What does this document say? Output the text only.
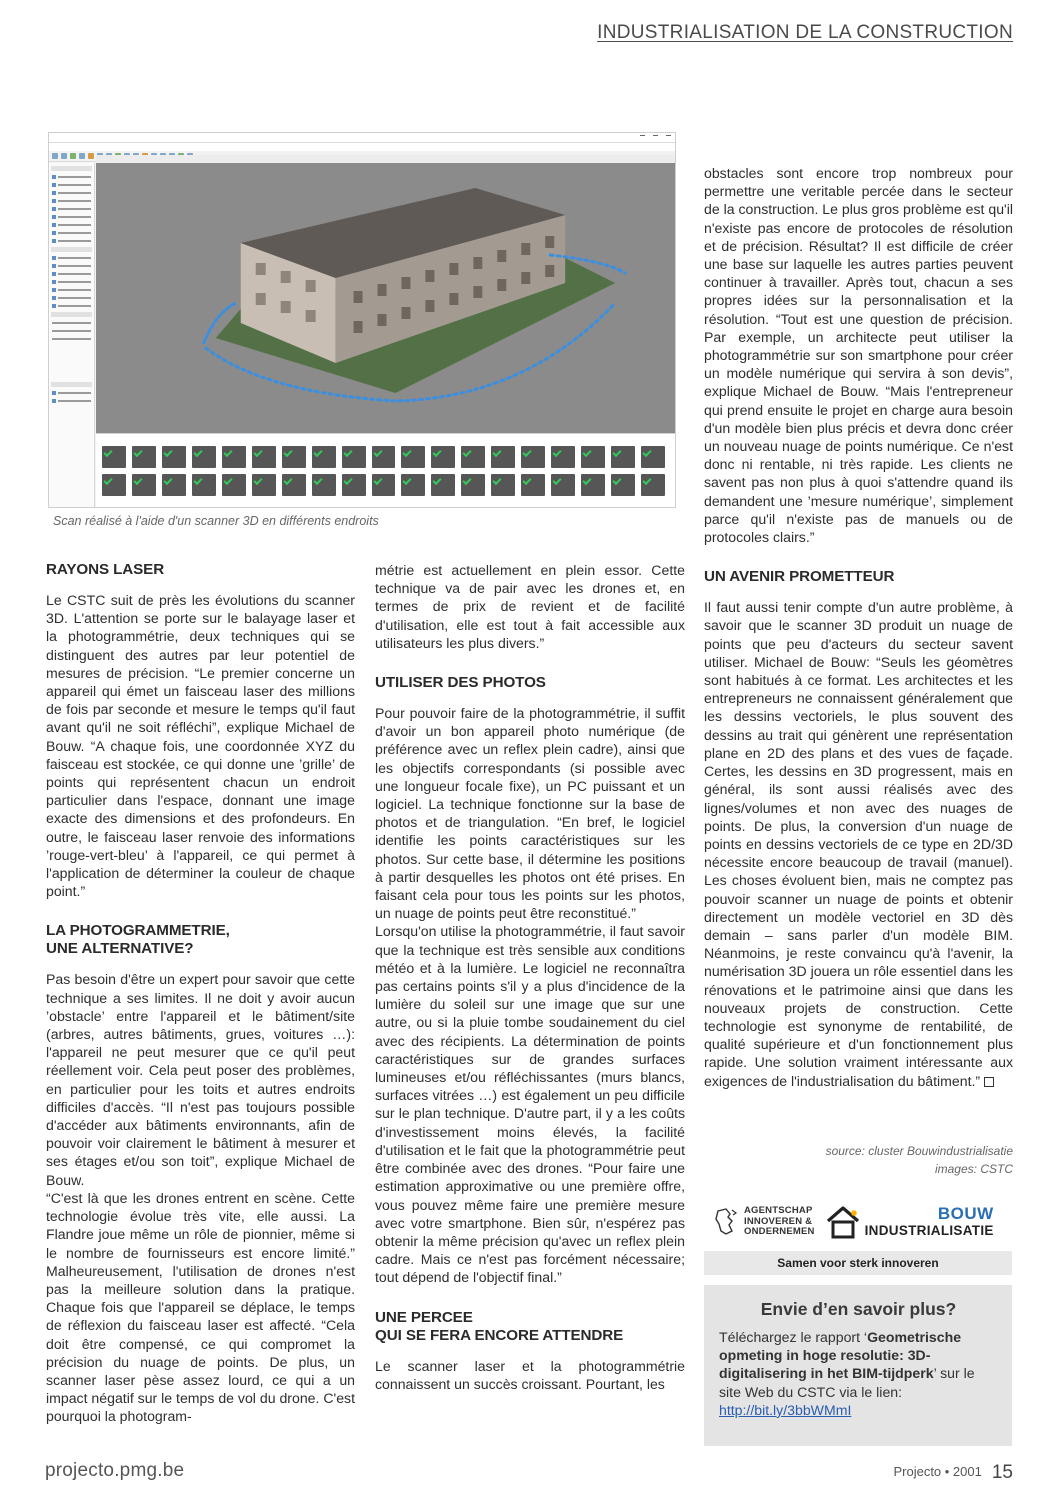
INDUSTRIALISATION DE LA CONSTRUCTION
Scan réalisé à l'aide d'un scanner 3D en différents endroits

RAYONS LASER

Le CSTC suit de près les évolutions du scanner 3D. L'attention se porte sur le balayage laser et la photogrammétrie, deux techniques qui se distinguent des autres par leur potentiel de mesures de précision. “Le premier concerne un appareil qui émet un faisceau laser des millions de fois par seconde et mesure le temps qu'il faut avant qu'il ne soit réfléchi”, explique Michael de Bouw. “A chaque fois, une coordonnée XYZ du faisceau est stockée, ce qui donne une ’grille’ de points qui représentent chacun un endroit particulier dans l'espace, donnant une image exacte des dimensions et des profondeurs. En outre, le faisceau laser renvoie des informations ’rouge-vert-bleu’ à l'appareil, ce qui permet à l'application de déterminer la couleur de chaque point.”

LA PHOTOGRAMMETRIE,

UNE ALTERNATIVE?

Pas besoin d'être un expert pour savoir que cette technique a ses limites. Il ne doit y avoir aucun ’obstacle’ entre l'appareil et le bâtiment/site (arbres, autres bâtiments, grues, voitures …): l'appareil ne peut mesurer que ce qu'il peut réellement voir. Cela peut poser des problèmes, en particulier pour les toits et autres endroits difficiles d'accès. “Il n'est pas toujours possible d'accéder aux bâtiments environnants, afin de pouvoir voir clairement le bâtiment à mesurer et ses étages et/ou son toit”, explique Michael de Bouw.

“C'est là que les drones entrent en scène. Cette technologie évolue très vite, elle aussi. La Flandre joue même un rôle de pionnier, même si le nombre de fournisseurs est encore limité.” Malheureusement, l'utilisation de drones n'est pas la meilleure solution dans la pratique. Chaque fois que l'appareil se déplace, le temps de réflexion du faisceau laser est affecté. “Cela doit être compensé, ce qui compromet la précision du nuage de points. De plus, un scanner laser pèse assez lourd, ce qui a un impact négatif sur le temps de vol du drone. C'est pourquoi la photogram-

métrie est actuellement en plein essor. Cette technique va de pair avec les drones et, en termes de prix de revient et de facilité d'utilisation, elle est tout à fait accessible aux utilisateurs les plus divers.”

UTILISER DES PHOTOS

Pour pouvoir faire de la photogrammétrie, il suffit d'avoir un bon appareil photo numérique (de préférence avec un reflex plein cadre), ainsi que les objectifs correspondants (si possible avec une longueur focale fixe), un PC puissant et un logiciel. La technique fonctionne sur la base de photos et de triangulation. “En bref, le logiciel identifie les points caractéristiques sur les photos. Sur cette base, il détermine les positions à partir desquelles les photos ont été prises. En faisant cela pour tous les points sur les photos, un nuage de points peut être reconstitué.”

Lorsqu'on utilise la photogrammétrie, il faut savoir que la technique est très sensible aux conditions météo et à la lumière. Le logiciel ne reconnaîtra pas certains points s'il y a plus d'incidence de la lumière du soleil sur une image que sur une autre, ou si la pluie tombe soudainement du ciel avec des récipients. La détermination de points caractéristiques sur de grandes surfaces lumineuses et/ou réfléchissantes (murs blancs, surfaces vitrées …) est également un peu difficile sur le plan technique. D'autre part, il y a les coûts d'investissement moins élevés, la facilité d'utilisation et le fait que la photogrammétrie peut être combinée avec des drones. “Pour faire une estimation approximative ou une première offre, vous pouvez même faire une première mesure avec votre smartphone. Bien sûr, n'espérez pas obtenir la même précision qu'avec un reflex plein cadre. Mais ce n'est pas forcément nécessaire; tout dépend de l'objectif final.”

UNE PERCEE

QUI SE FERA ENCORE ATTENDRE

Le scanner laser et la photogrammétrie connaissent un succès croissant. Pourtant, les

obstacles sont encore trop nombreux pour permettre une veritable percée dans le secteur de la construction. Le plus gros problème est qu'il n'existe pas encore de protocoles de résolution et de précision. Résultat? Il est difficile de créer une base sur laquelle les autres parties peuvent continuer à travailler. Après tout, chacun a ses propres idées sur la personnalisation et la résolution. “Tout est une question de précision. Par exemple, un architecte peut utiliser la photogrammétrie sur son smartphone pour créer un modèle numérique qui servira à son devis”, explique Michael de Bouw. “Mais l'entrepreneur qui prend ensuite le projet en charge aura besoin d'un modèle bien plus précis et devra donc créer un nouveau nuage de points numérique. Ce n'est donc ni rentable, ni très rapide. Les clients ne savent pas non plus à quoi s'attendre quand ils demandent une ’mesure numérique’, simplement parce qu'il n'existe pas de manuels ou de protocoles clairs.”

UN AVENIR PROMETTEUR

Il faut aussi tenir compte d'un autre problème, à savoir que le scanner 3D produit un nuage de points que peu d'acteurs du secteur savent utiliser. Michael de Bouw: “Seuls les géomètres sont habitués à ce format. Les architectes et les entrepreneurs ne connaissent généralement que les dessins vectoriels, le plus souvent des dessins au trait qui génèrent une représentation plane en 2D des plans et des vues de façade. Certes, les dessins en 3D progressent, mais en général, ils sont aussi réalisés avec des lignes/volumes et non avec des nuages de points. De plus, la conversion d'un nuage de points en dessins vectoriels de ce type en 2D/3D nécessite encore beaucoup de travail (manuel). Les choses évoluent bien, mais ne comptez pas pouvoir scanner un nuage de points et obtenir directement un modèle vectoriel en 3D dès demain – sans parler d'un modèle BIM. Néanmoins, je reste convaincu qu'à l'avenir, la numérisation 3D jouera un rôle essentiel dans les rénovations et le patrimoine ainsi que dans les nouveaux projets de construction. Cette technologie est synonyme de rentabilité, de qualité supérieure et d'un fonctionnement plus rapide. Une solution vraiment intéressante aux exigences de l'industrialisation du bâtiment.”

source: cluster Bouwindustrialisatie
images: CSTC
AGENTSCHAP
INNOVEREN &
ONDERNEMEN
BOUW
INDUSTRIALISATIE
Samen voor sterk innoveren
Envie d’en savoir plus?
Téléchargez le rapport ‘Geometrische opmeting in hoge resolutie: 3D-digitalisering in het BIM-tijdperk’ sur le site Web du CSTC via le lien:
http://bit.ly/3bbWMmI
projecto.pmg.be	Projecto • 2001 15
